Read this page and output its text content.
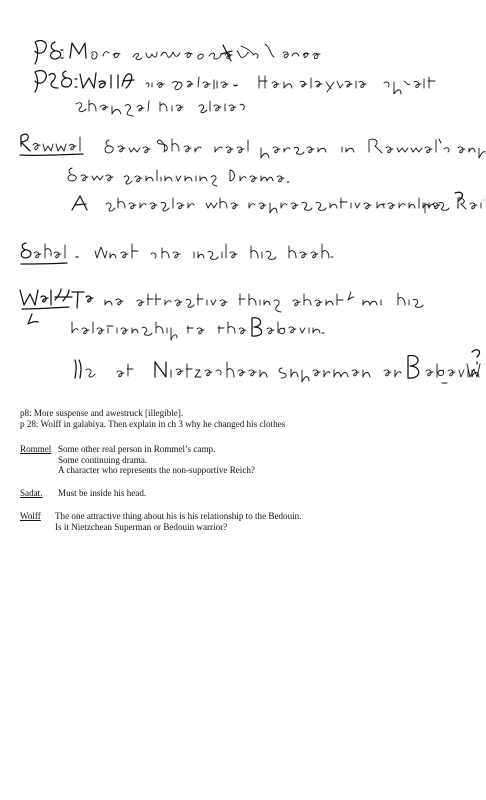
p8: More suspense and awestruck [illegible].
p 28: Wolff in galabiya. Then explain in ch 3 why he changed his clothes
Rommel Some other real person in Rommel’s camp.
Some continuing drama.
A character who represents the non-supportive Reich?
Sadat. Must be inside his head.
Wolff The one attractive thing about his is his relationship to the Bedouin.
Is it Nietzchean Superman or Bedouin warrior?
